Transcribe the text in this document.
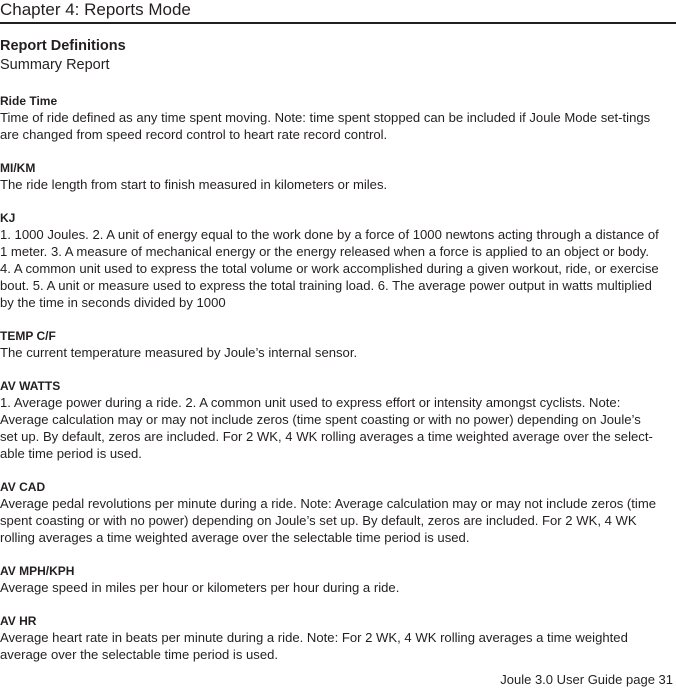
Chapter 4: Reports Mode
Report Definitions
Summary Report
Ride Time
Time of ride defined as any time spent moving. Note: time spent stopped can be included if Joule Mode set-tings are changed from speed record control to heart rate record control.
MI/KM
The ride length from start to finish measured in kilometers or miles.
KJ
1. 1000 Joules. 2. A unit of energy equal to the work done by a force of 1000 newtons acting through a distance of 1 meter. 3. A measure of mechanical energy or the energy released when a force is applied to an object or body. 4. A common unit used to express the total volume or work accomplished during a given workout, ride, or exercise bout. 5. A unit or measure used to express the total training load. 6. The average power output in watts multiplied by the time in seconds divided by 1000
TEMP C/F
The current temperature measured by Joule’s internal sensor.
AV WATTS
1. Average power during a ride. 2. A common unit used to express effort or intensity amongst cyclists. Note: Average calculation may or may not include zeros (time spent coasting or with no power) depending on Joule’s set up. By default, zeros are included. For 2 WK, 4 WK rolling averages a time weighted average over the select-able time period is used.
AV CAD
Average pedal revolutions per minute during a ride. Note: Average calculation may or may not include zeros (time spent coasting or with no power) depending on Joule’s set up. By default, zeros are included. For 2 WK, 4 WK rolling averages a time weighted average over the selectable time period is used.
AV MPH/KPH
Average speed in miles per hour or kilometers per hour during a ride.
AV HR
Average heart rate in beats per minute during a ride. Note: For 2 WK, 4 WK rolling averages a time weighted average over the selectable time period is used.
Joule 3.0 User Guide page 31
